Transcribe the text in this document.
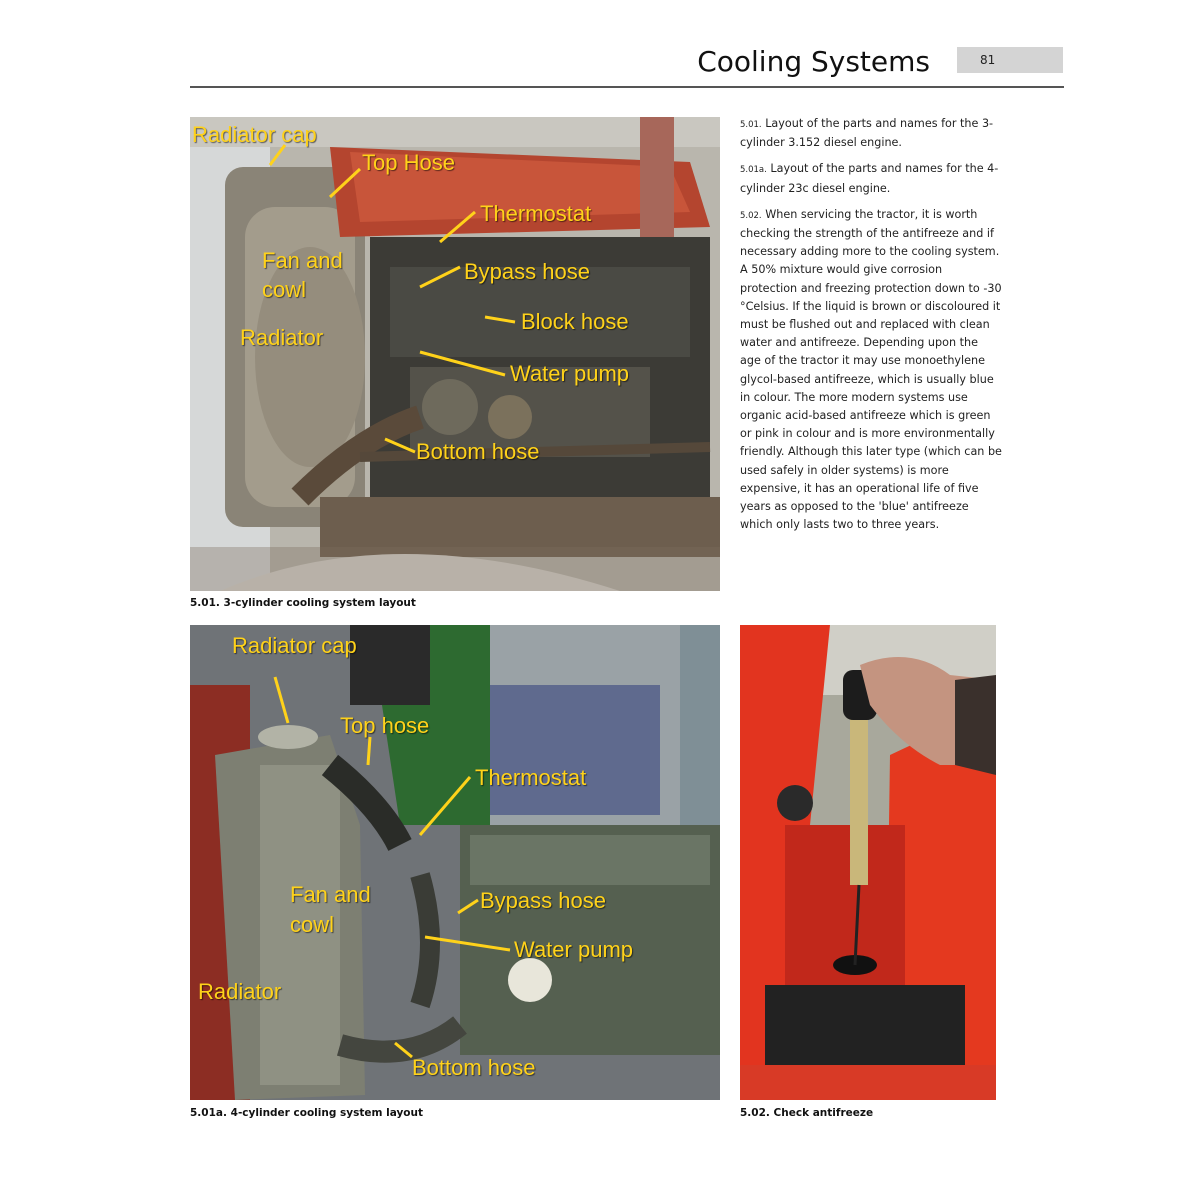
Cooling Systems	81
Radiator cap
Top Hose
Thermostat
Fan and
cowl
Bypass hose
Block hose
Radiator
Water pump
Bottom hose
5.01. 3-cylinder cooling system layout

5.01. Layout of the parts and names for the 3-cylinder 3.152 diesel engine.

5.01a. Layout of the parts and names for the 4-cylinder 23c diesel engine.

5.02. When servicing the tractor, it is worth checking the strength of the antifreeze and if necessary adding more to the cooling system. A 50% mixture would give corrosion protection and freezing protection down to -30 °Celsius. If the liquid is brown or discoloured it must be flushed out and replaced with clean water and antifreeze. Depending upon the age of the tractor it may use monoethylene glycol-based antifreeze, which is usually blue in colour. The more modern systems use organic acid-based antifreeze which is green or pink in colour and is more environmentally friendly. Although this later type (which can be used safely in older systems) is more expensive, it has an operational life of five years as opposed to the 'blue' antifreeze which only lasts two to three years.

Radiator cap
Top hose
Thermostat
Fan and
cowl
Bypass hose
Water pump
Radiator
Bottom hose
5.01a. 4-cylinder cooling system layout	5.02. Check antifreeze
